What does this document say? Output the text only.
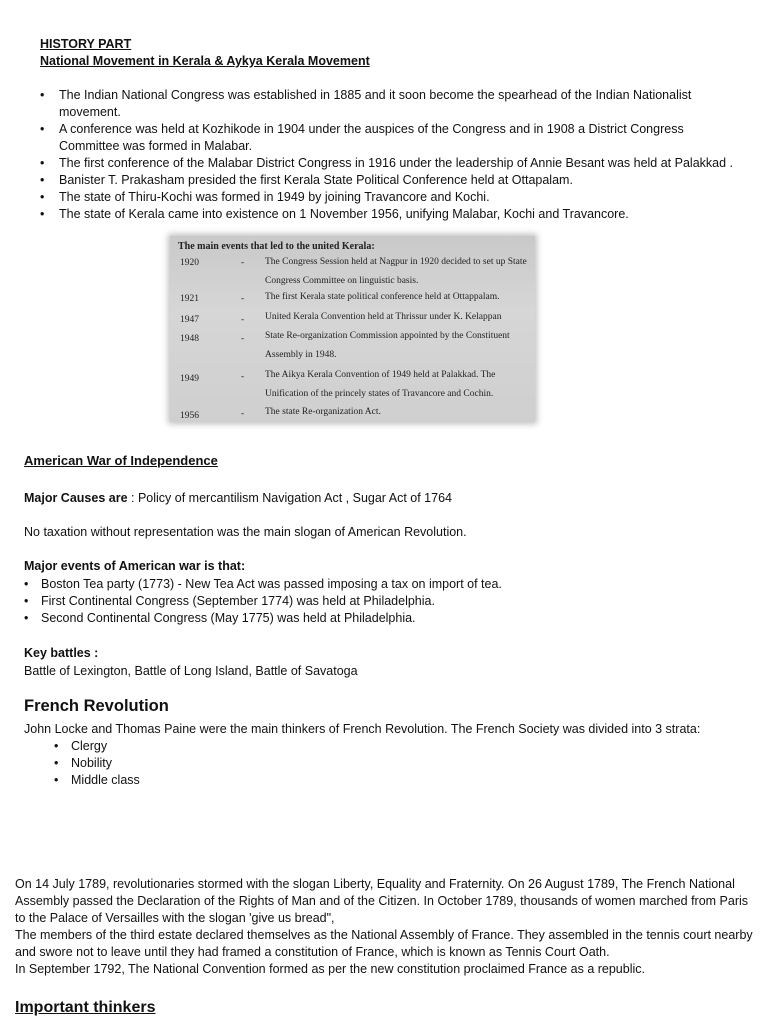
HISTORY PART
National Movement in Kerala & Aykya Kerala Movement
• The Indian National Congress was established in 1885 and it soon become the spearhead of the Indian Nationalist movement.
• A conference was held at Kozhikode in 1904 under the auspices of the Congress and in 1908 a District Congress Committee was formed in Malabar.
• The first conference of the Malabar District Congress in 1916 under the leadership of Annie Besant was held at Palakkad .
• Banister T. Prakasham presided the first Kerala State Political Conference held at Ottapalam.
• The state of Thiru-Kochi was formed in 1949 by joining Travancore and Kochi.
• The state of Kerala came into existence on 1 November 1956, unifying Malabar, Kochi and Travancore.
The main events that led to the united Kerala:
1920	- The Congress Session held at Nagpur in 1920 decided to set up State Congress Committee on linguistic basis.
1921	- The first Kerala state political conference held at Ottappalam.
1947	- United Kerala Convention held at Thrissur under K. Kelappan
1948	- State Re-organization Commission appointed by the Constituent Assembly in 1948.
1949	- The Aikya Kerala Convention of 1949 held at Palakkad. The Unification of the princely states of Travancore and Cochin.
1956	- The state Re-organization Act.
American War of Independence

Major Causes are : Policy of mercantilism Navigation Act , Sugar Act of 1764

No taxation without representation was the main slogan of American Revolution.

Major events of American war is that:

• Boston Tea party (1773) - New Tea Act was passed imposing a tax on import of tea.
• First Continental Congress (September 1774) was held at Philadelphia.
• Second Continental Congress (May 1775) was held at Philadelphia.

Key battles :

Battle of Lexington, Battle of Long Island, Battle of Savatoga

French Revolution

John Locke and Thomas Paine were the main thinkers of French Revolution. The French Society was divided into 3 strata:

• Clergy
• Nobility
• Middle class

On 14 July 1789, revolutionaries stormed with the slogan Liberty, Equality and Fraternity. On 26 August 1789, The French National Assembly passed the Declaration of the Rights of Man and of the Citizen. In October 1789, thousands of women marched from Paris to the Palace of Versailles with the slogan 'give us bread",

The members of the third estate declared themselves as the National Assembly of France. They assembled in the tennis court nearby and swore not to leave until they had framed a constitution of France, which is known as Tennis Court Oath.

In September 1792, The National Convention formed as per the new constitution proclaimed France as a republic.

Important thinkers
